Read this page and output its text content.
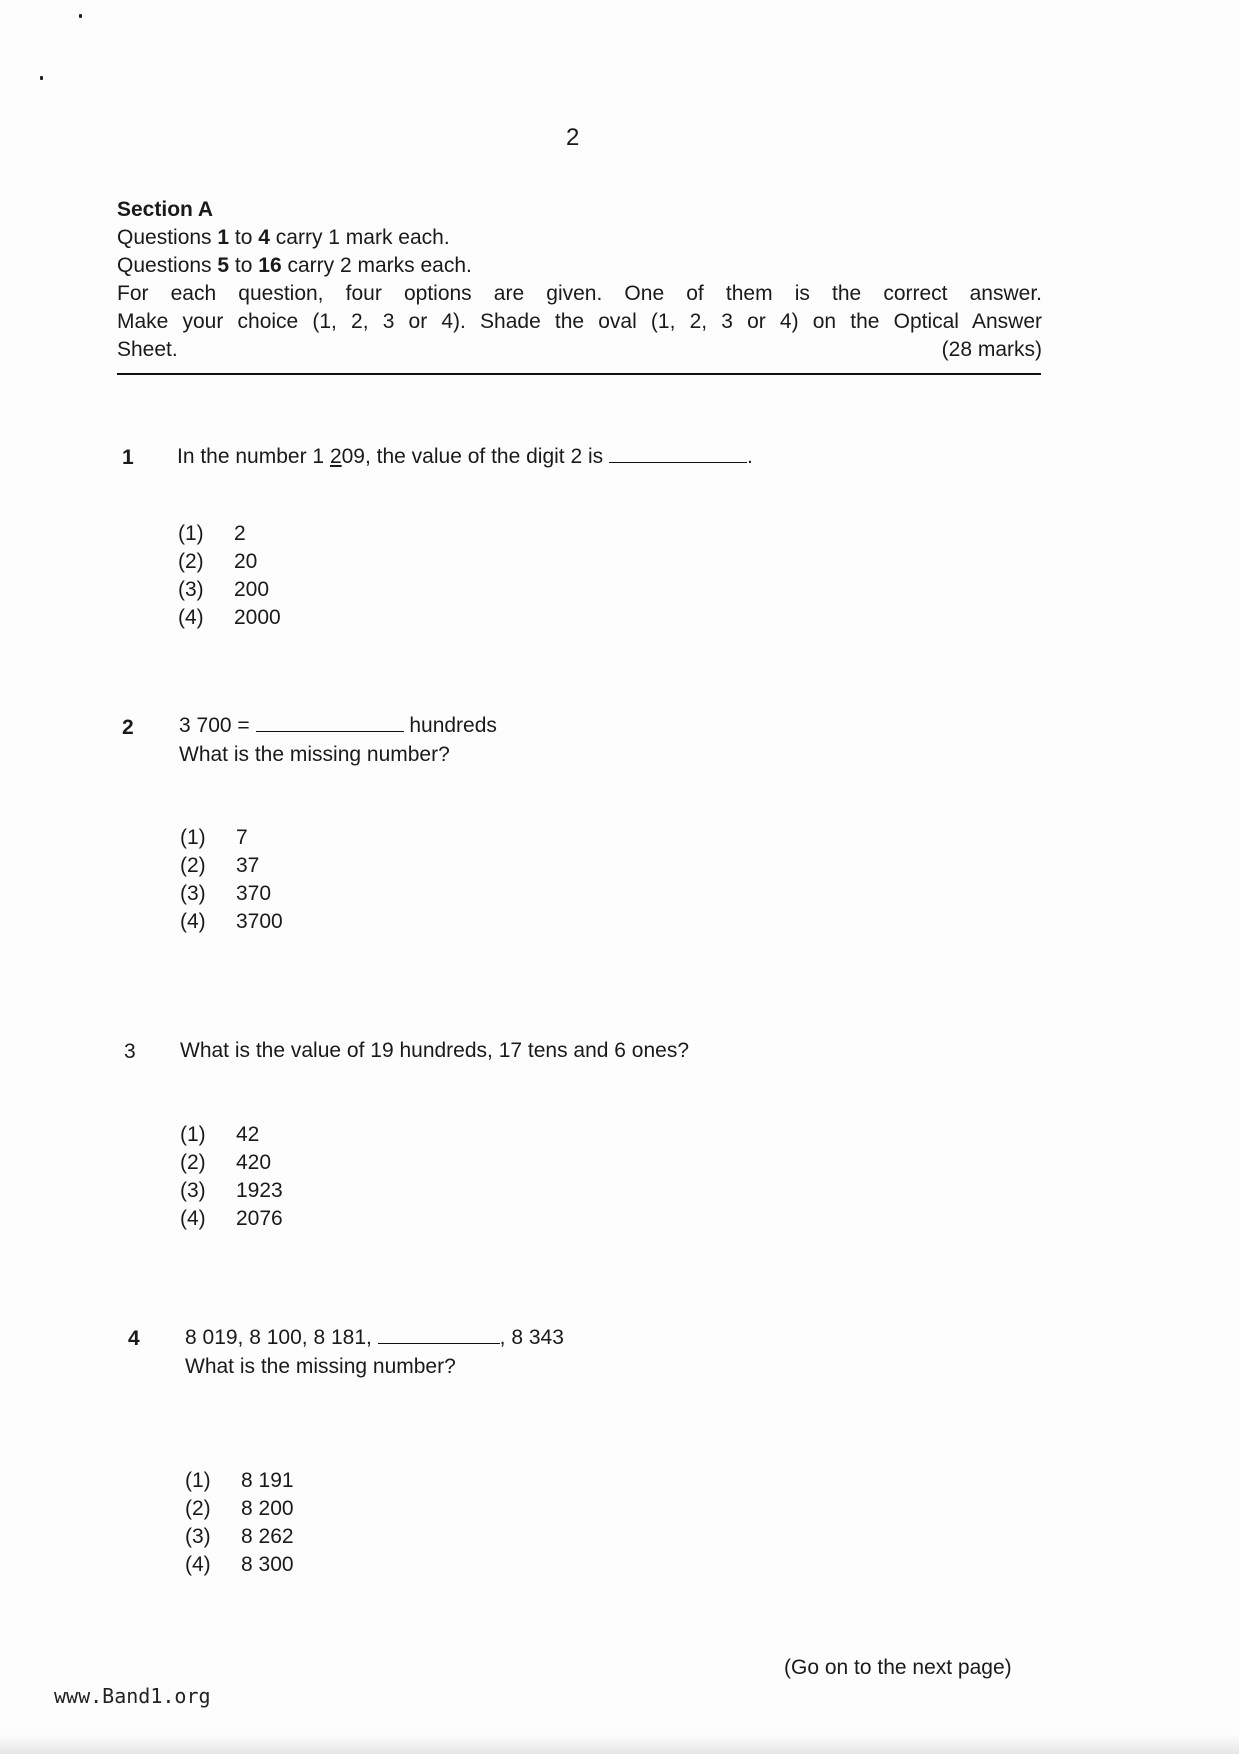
2
Section A
Questions 1 to 4 carry 1 mark each.
Questions 5 to 16 carry 2 marks each.
For each question, four options are given. One of them is the correct answer.
Make your choice (1, 2, 3 or 4). Shade the oval (1, 2, 3 or 4) on the Optical Answer
Sheet.	(28 marks)
1 In the number 1 209, the value of the digit 2 is	.
(1)	2
(2)	20
(3)	200
(4)	2000
2 3 700 =	hundreds
What is the missing number?
(1)	7
(2)	37
(3)	370
(4)	3700
3 What is the value of 19 hundreds, 17 tens and 6 ones?
(1)	42
(2)	420
(3)	1923
(4)	2076
4 8 019, 8 100, 8 181,	, 8 343
What is the missing number?
(1)	8 191
(2)	8 200
(3)	8 262
(4)	8 300
(Go on to the next page)
www.Band1.org
